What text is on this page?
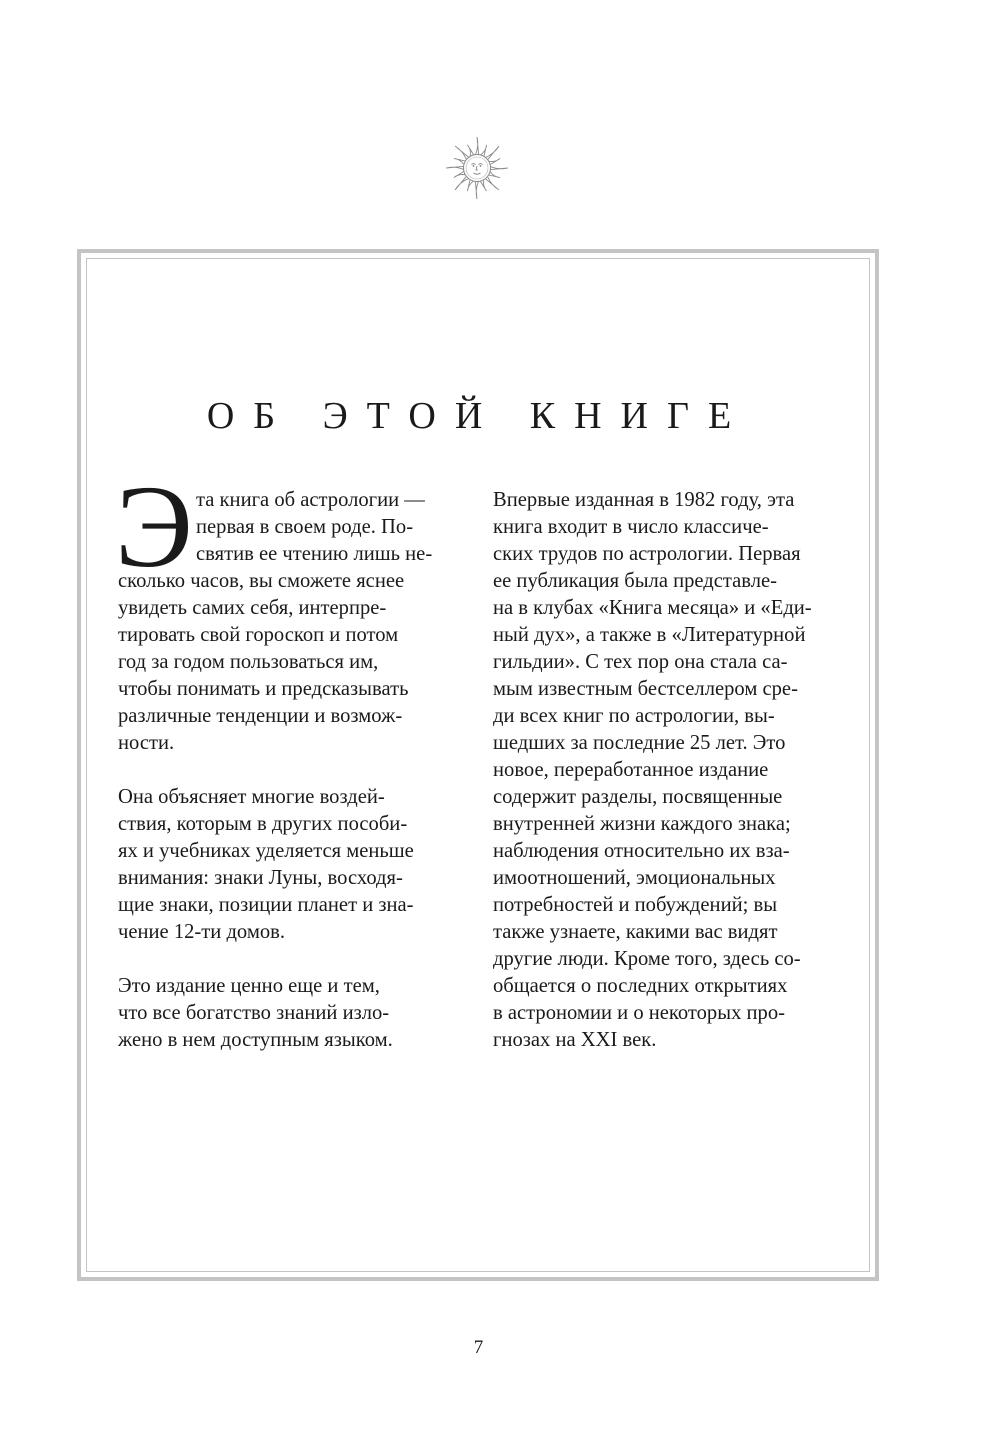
ОБ ЭТОЙ КНИГЕ
Э та книга об астрологии —
первая в своем роде. По-
святив ее чтению лишь не-
сколько часов, вы сможете яснее
увидеть самих себя, интерпре-
тировать свой гороскоп и потом
год за годом пользоваться им,
чтобы понимать и предсказывать
различные тенденции и возмож-
ности.
Она объясняет многие воздей-
ствия, которым в других пособи-
ях и учебниках уделяется меньше
внимания: знаки Луны, восходя-
щие знаки, позиции планет и зна-
чение 12-ти домов.
Это издание ценно еще и тем,
что все богатство знаний изло-
жено в нем доступным языком.
Впервые изданная в 1982 году, эта
книга входит в число классиче-
ских трудов по астрологии. Первая
ее публикация была представле-
на в клубах «Книга месяца» и «Еди-
ный дух», а также в «Литературной
гильдии». С тех пор она стала са-
мым известным бестселлером сре-
ди всех книг по астрологии, вы-
шедших за последние 25 лет. Это
новое, переработанное издание
содержит разделы, посвященные
внутренней жизни каждого знака;
наблюдения относительно их вза-
имоотношений, эмоциональных
потребностей и побуждений; вы
также узнаете, какими вас видят
другие люди. Кроме того, здесь со-
общается о последних открытиях
в астрономии и о некоторых про-
гнозах на XXI век.
7
